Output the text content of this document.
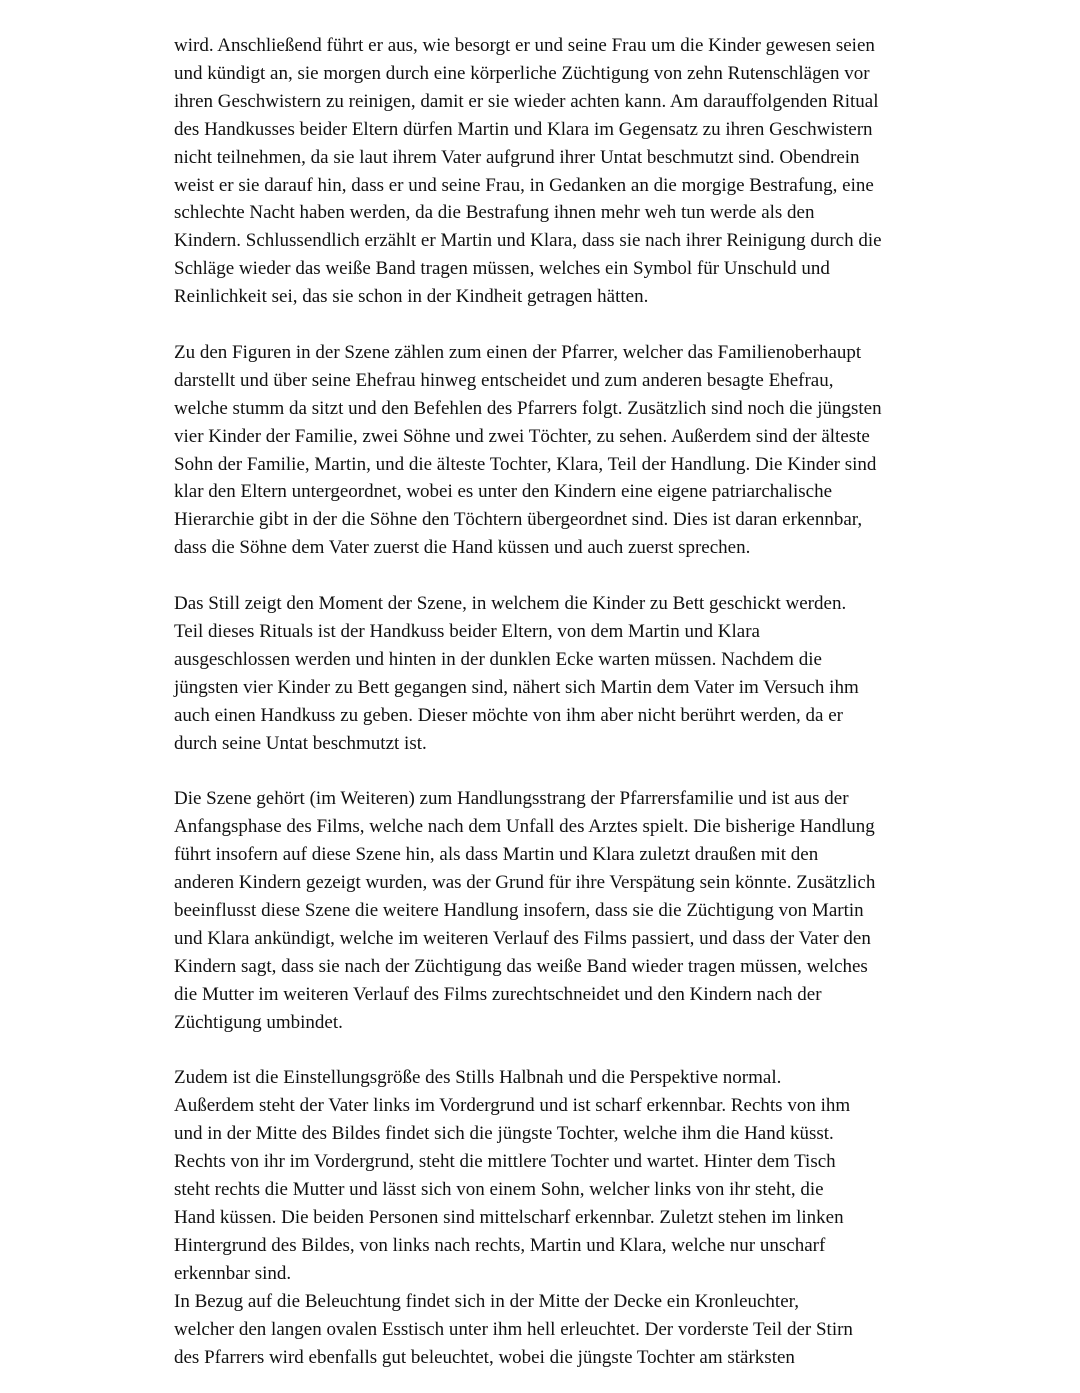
wird. Anschließend führt er aus, wie besorgt er und seine Frau um die Kinder gewesen seien
und kündigt an, sie morgen durch eine körperliche Züchtigung von zehn Rutenschlägen vor
ihren Geschwistern zu reinigen, damit er sie wieder achten kann. Am darauffolgenden Ritual
des Handkusses beider Eltern dürfen Martin und Klara im Gegensatz zu ihren Geschwistern
nicht teilnehmen, da sie laut ihrem Vater aufgrund ihrer Untat beschmutzt sind. Obendrein
weist er sie darauf hin, dass er und seine Frau, in Gedanken an die morgige Bestrafung, eine
schlechte Nacht haben werden, da die Bestrafung ihnen mehr weh tun werde als den
Kindern. Schlussendlich erzählt er Martin und Klara, dass sie nach ihrer Reinigung durch die
Schläge wieder das weiße Band tragen müssen, welches ein Symbol für Unschuld und
Reinlichkeit sei, das sie schon in der Kindheit getragen hätten.

Zu den Figuren in der Szene zählen zum einen der Pfarrer, welcher das Familienoberhaupt
darstellt und über seine Ehefrau hinweg entscheidet und zum anderen besagte Ehefrau,
welche stumm da sitzt und den Befehlen des Pfarrers folgt. Zusätzlich sind noch die jüngsten
vier Kinder der Familie, zwei Söhne und zwei Töchter, zu sehen. Außerdem sind der älteste
Sohn der Familie, Martin, und die älteste Tochter, Klara, Teil der Handlung. Die Kinder sind
klar den Eltern untergeordnet, wobei es unter den Kindern eine eigene patriarchalische
Hierarchie gibt in der die Söhne den Töchtern übergeordnet sind. Dies ist daran erkennbar,
dass die Söhne dem Vater zuerst die Hand küssen und auch zuerst sprechen.

Das Still zeigt den Moment der Szene, in welchem die Kinder zu Bett geschickt werden.
Teil dieses Rituals ist der Handkuss beider Eltern, von dem Martin und Klara
ausgeschlossen werden und hinten in der dunklen Ecke warten müssen. Nachdem die
jüngsten vier Kinder zu Bett gegangen sind, nähert sich Martin dem Vater im Versuch ihm
auch einen Handkuss zu geben. Dieser möchte von ihm aber nicht berührt werden, da er
durch seine Untat beschmutzt ist.

Die Szene gehört (im Weiteren) zum Handlungsstrang der Pfarrersfamilie und ist aus der
Anfangsphase des Films, welche nach dem Unfall des Arztes spielt. Die bisherige Handlung
führt insofern auf diese Szene hin, als dass Martin und Klara zuletzt draußen mit den
anderen Kindern gezeigt wurden, was der Grund für ihre Verspätung sein könnte. Zusätzlich
beeinflusst diese Szene die weitere Handlung insofern, dass sie die Züchtigung von Martin
und Klara ankündigt, welche im weiteren Verlauf des Films passiert, und dass der Vater den
Kindern sagt, dass sie nach der Züchtigung das weiße Band wieder tragen müssen, welches
die Mutter im weiteren Verlauf des Films zurechtschneidet und den Kindern nach der
Züchtigung umbindet.

Zudem ist die Einstellungsgröße des Stills Halbnah und die Perspektive normal.
Außerdem steht der Vater links im Vordergrund und ist scharf erkennbar. Rechts von ihm
und in der Mitte des Bildes findet sich die jüngste Tochter, welche ihm die Hand küsst.
Rechts von ihr im Vordergrund, steht die mittlere Tochter und wartet. Hinter dem Tisch
steht rechts die Mutter und lässt sich von einem Sohn, welcher links von ihr steht, die
Hand küssen. Die beiden Personen sind mittelscharf erkennbar. Zuletzt stehen im linken
Hintergrund des Bildes, von links nach rechts, Martin und Klara, welche nur unscharf
erkennbar sind.

In Bezug auf die Beleuchtung findet sich in der Mitte der Decke ein Kronleuchter,
welcher den langen ovalen Esstisch unter ihm hell erleuchtet. Der vorderste Teil der Stirn
des Pfarrers wird ebenfalls gut beleuchtet, wobei die jüngste Tochter am stärksten
